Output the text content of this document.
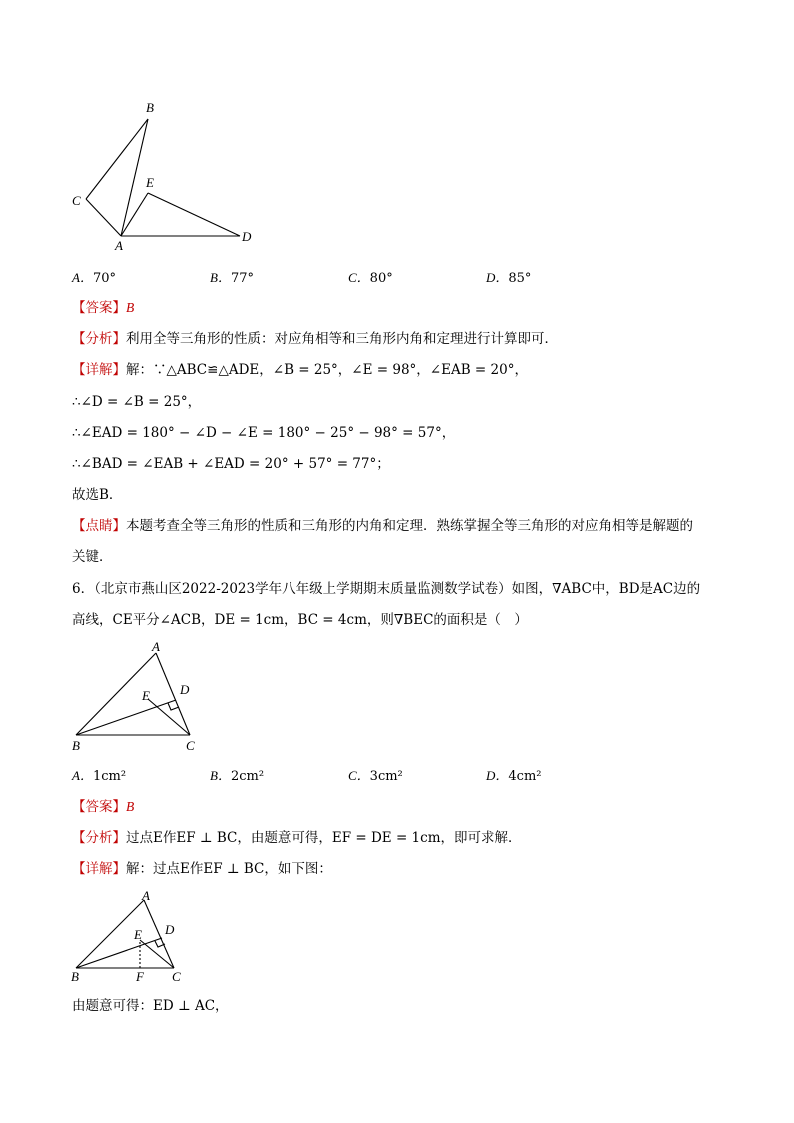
B
C
E
A
D
A．70°	B．77°	C．80°	D．85°
【答案】B
【分析】利用全等三角形的性质：对应角相等和三角形内角和定理进行计算即可．
【详解】解：∵△ABC≌△ADE，∠B = 25°，∠E = 98°，∠EAB = 20°，
∴∠D = ∠B = 25°，
∴∠EAD = 180° − ∠D − ∠E = 180° − 25° − 98° = 57°，
∴∠BAD = ∠EAB + ∠EAD = 20° + 57° = 77°；
故选B．
【点睛】本题考查全等三角形的性质和三角形的内角和定理．熟练掌握全等三角形的对应角相等是解题的
关键．
6．（北京市燕山区2022-2023学年八年级上学期期末质量监测数学试卷）如图，∇ABC中，BD是AC边的
高线，CE平分∠ACB，DE = 1cm，BC = 4cm，则∇BEC的面积是（　）
A
E D
B	C
A．1cm²	B．2cm²	C．3cm²	D．4cm²
【答案】B
【分析】过点E作EF ⊥ BC，由题意可得，EF = DE = 1cm，即可求解．
【详解】解：过点E作EF ⊥ BC，如下图：
A
E D
B	F C
由题意可得：ED ⊥ AC，
